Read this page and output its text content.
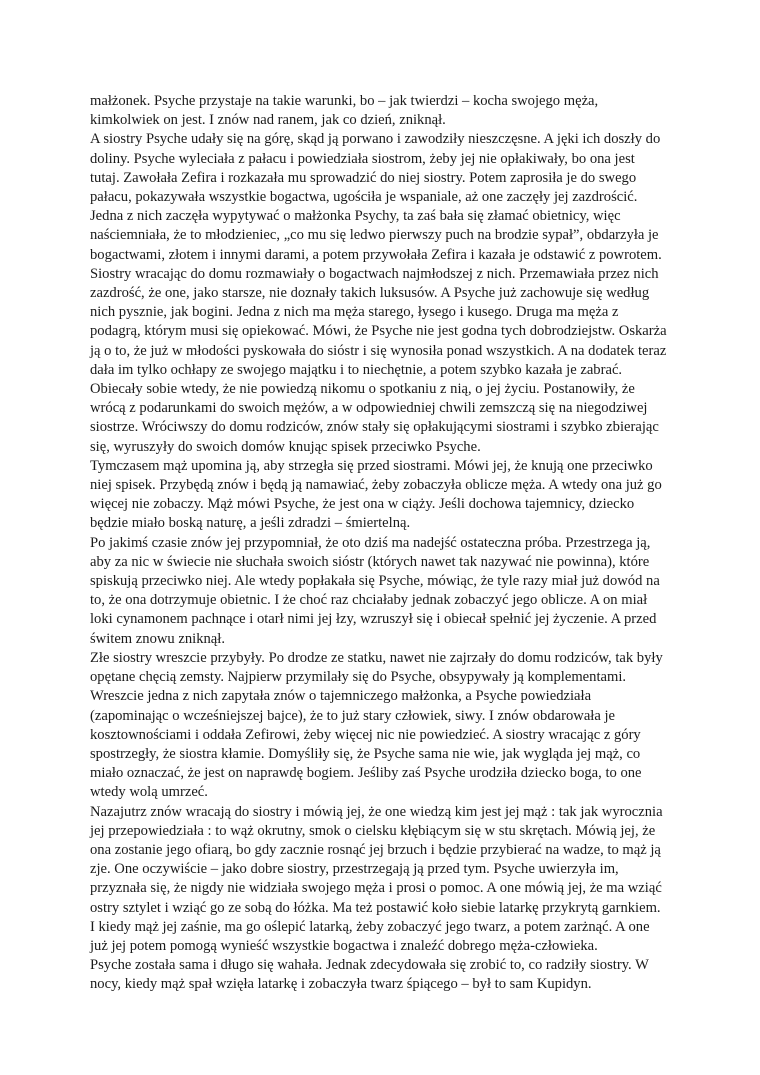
małżonek. Psyche przystaje na takie warunki, bo – jak twierdzi – kocha swojego męża, kimkolwiek on jest. I znów nad ranem, jak co dzień, zniknął.

A siostry Psyche udały się na górę, skąd ją porwano i zawodziły nieszczęsne. A jęki ich doszły do doliny. Psyche wyleciała z pałacu i powiedziała siostrom, żeby jej nie opłakiwały, bo ona jest tutaj. Zawołała Zefira i rozkazała mu sprowadzić do niej siostry. Potem zaprosiła je do swego pałacu, pokazywała wszystkie bogactwa, ugościła je wspaniale, aż one zaczęły jej zazdrościć. Jedna z nich zaczęła wypytywać o małżonka Psychy, ta zaś bała się złamać obietnicy, więc naściemniała, że to młodzieniec, „co mu się ledwo pierwszy puch na brodzie sypał”, obdarzyła je bogactwami, złotem i innymi darami, a potem przywołała Zefira i kazała je odstawić z powrotem.

Siostry wracając do domu rozmawiały o bogactwach najmłodszej z nich. Przemawiała przez nich zazdrość, że one, jako starsze, nie doznały takich luksusów. A Psyche już zachowuje się według nich pysznie, jak bogini. Jedna z nich ma męża starego, łysego i kusego. Druga ma męża z podagrą, którym musi się opiekować. Mówi, że Psyche nie jest godna tych dobrodziejstw. Oskarża ją o to, że już w młodości pyskowała do sióstr i się wynosiła ponad wszystkich. A na dodatek teraz dała im tylko ochłapy ze swojego majątku i to niechętnie, a potem szybko kazała je zabrać. Obiecały sobie wtedy, że nie powiedzą nikomu o spotkaniu z nią, o jej życiu. Postanowiły, że wrócą z podarunkami do swoich mężów, a w odpowiedniej chwili zemszczą się na niegodziwej siostrze. Wróciwszy do domu rodziców, znów stały się opłakującymi siostrami i szybko zbierając się, wyruszyły do swoich domów knując spisek przeciwko Psyche.

Tymczasem mąż upomina ją, aby strzegła się przed siostrami. Mówi jej, że knują one przeciwko niej spisek. Przybędą znów i będą ją namawiać, żeby zobaczyła oblicze męża. A wtedy ona już go więcej nie zobaczy. Mąż mówi Psyche, że jest ona w ciąży. Jeśli dochowa tajemnicy, dziecko będzie miało boską naturę, a jeśli zdradzi – śmiertelną.

Po jakimś czasie znów jej przypomniał, że oto dziś ma nadejść ostateczna próba. Przestrzega ją, aby za nic w świecie nie słuchała swoich sióstr (których nawet tak nazywać nie powinna), które spiskują przeciwko niej. Ale wtedy popłakała się Psyche, mówiąc, że tyle razy miał już dowód na to, że ona dotrzymuje obietnic. I że choć raz chciałaby jednak zobaczyć jego oblicze. A on miał loki cynamonem pachnące i otarł nimi jej łzy, wzruszył się i obiecał spełnić jej życzenie. A przed świtem znowu zniknął.

Złe siostry wreszcie przybyły. Po drodze ze statku, nawet nie zajrzały do domu rodziców, tak były opętane chęcią zemsty. Najpierw przymilały się do Psyche, obsypywały ją komplementami. Wreszcie jedna z nich zapytała znów o tajemniczego małżonka, a Psyche powiedziała (zapominając o wcześniejszej bajce), że to już stary człowiek, siwy. I znów obdarowała je kosztownościami i oddała Zefirowi, żeby więcej nic nie powiedzieć. A siostry wracając z góry spostrzegły, że siostra kłamie. Domyśliły się, że Psyche sama nie wie, jak wygląda jej mąż, co miało oznaczać, że jest on naprawdę bogiem. Jeśliby zaś Psyche urodziła dziecko boga, to one wtedy wolą umrzeć.

Nazajutrz znów wracają do siostry i mówią jej, że one wiedzą kim jest jej mąż : tak jak wyrocznia jej przepowiedziała : to wąż okrutny, smok o cielsku kłębiącym się w stu skrętach. Mówią jej, że ona zostanie jego ofiarą, bo gdy zacznie rosnąć jej brzuch i będzie przybierać na wadze, to mąż ją zje. One oczywiście – jako dobre siostry, przestrzegają ją przed tym. Psyche uwierzyła im, przyznała się, że nigdy nie widziała swojego męża i prosi o pomoc. A one mówią jej, że ma wziąć ostry sztylet i wziąć go ze sobą do łóżka. Ma też postawić koło siebie latarkę przykrytą garnkiem. I kiedy mąż jej zaśnie, ma go oślepić latarką, żeby zobaczyć jego twarz, a potem zarżnąć. A one już jej potem pomogą wynieść wszystkie bogactwa i znaleźć dobrego męża-człowieka.

Psyche została sama i długo się wahała. Jednak zdecydowała się zrobić to, co radziły siostry. W nocy, kiedy mąż spał wzięła latarkę i zobaczyła twarz śpiącego – był to sam Kupidyn.
